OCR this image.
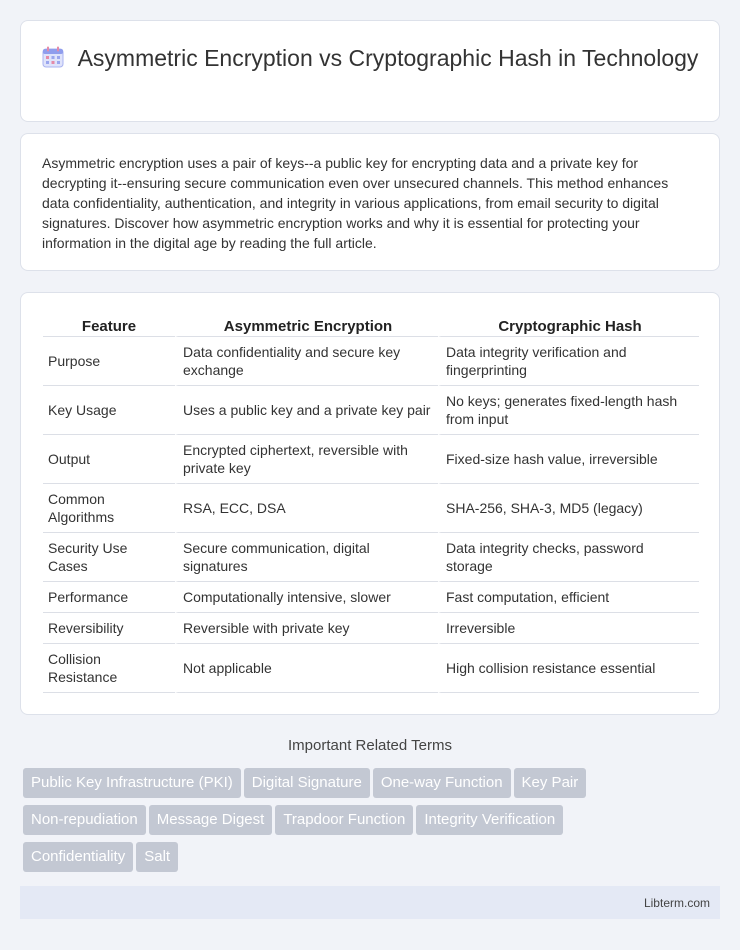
Asymmetric Encryption vs Cryptographic Hash in Technology

Asymmetric encryption uses a pair of keys--a public key for encrypting data and a private key for decrypting it--ensuring secure communication even over unsecured channels. This method enhances data confidentiality, authentication, and integrity in various applications, from email security to digital signatures. Discover how asymmetric encryption works and why it is essential for protecting your information in the digital age by reading the full article.

Feature	Asymmetric Encryption	Cryptographic Hash
Purpose	Data confidentiality and secure key exchange	Data integrity verification and fingerprinting
Key Usage	Uses a public key and a private key pair	No keys; generates fixed-length hash from input
Output	Encrypted ciphertext, reversible with private key	Fixed-size hash value, irreversible
Common Algorithms	RSA, ECC, DSA	SHA-256, SHA-3, MD5 (legacy)
Security Use Cases	Secure communication, digital signatures	Data integrity checks, password storage
Performance	Computationally intensive, slower	Fast computation, efficient
Reversibility	Reversible with private key	Irreversible
Collision Resistance	Not applicable	High collision resistance essential
Important Related Terms
Public Key Infrastructure (PKI) Digital Signature One-way Function Key PairNon-repudiation Message Digest Trapdoor Function Integrity VerificationConfidentiality Salt
Libterm.com
